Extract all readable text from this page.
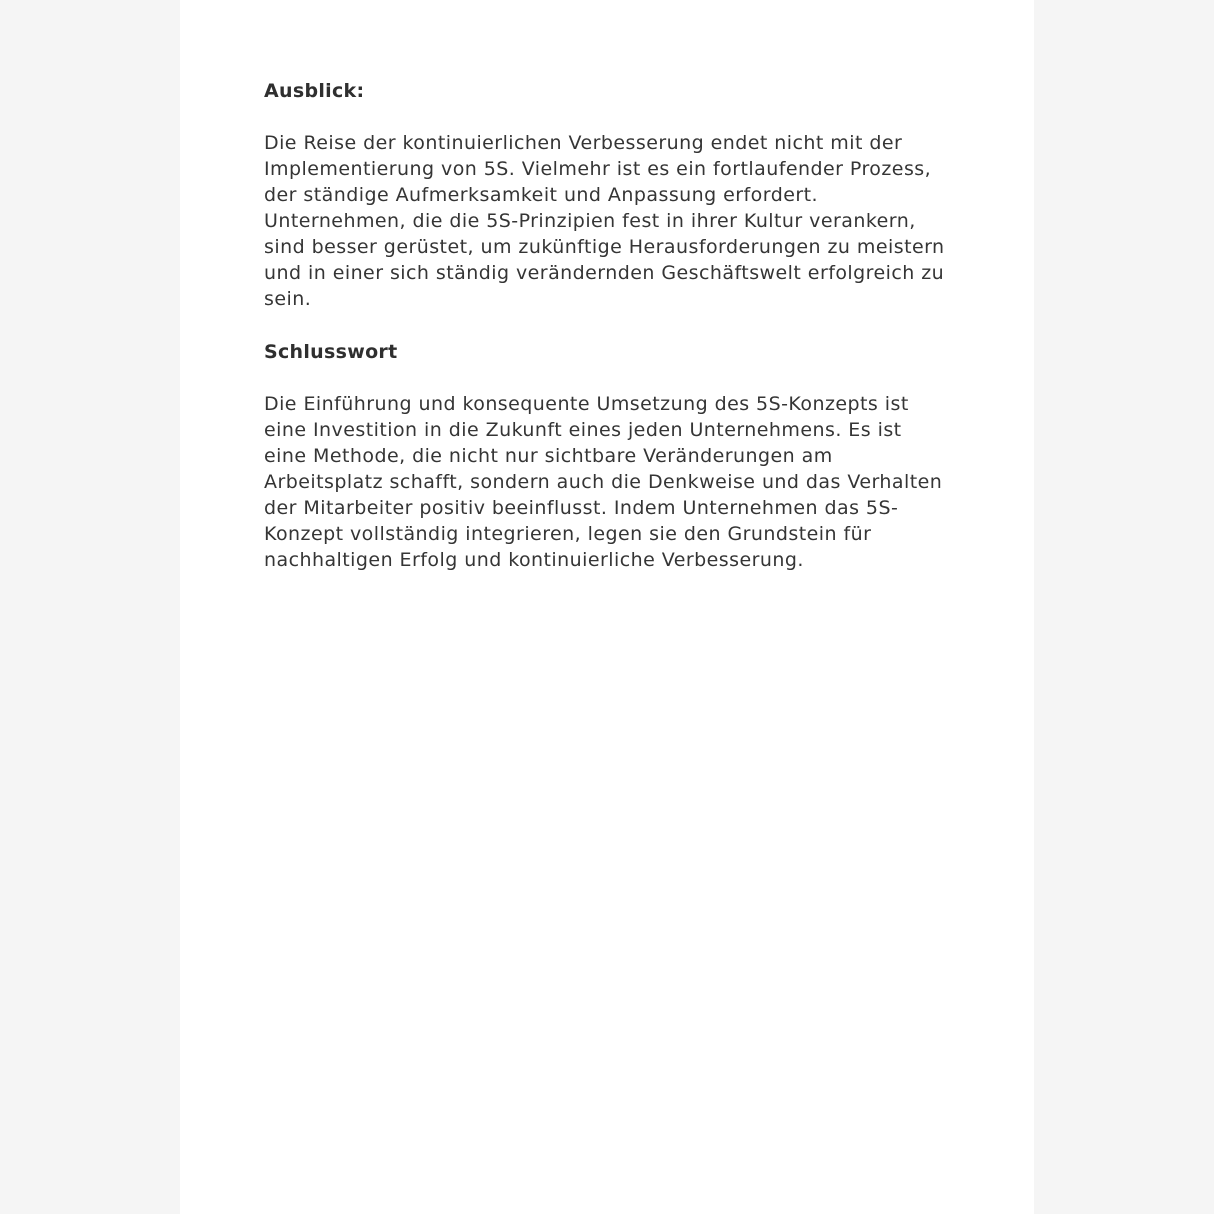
Ausblick:

Die Reise der kontinuierlichen Verbesserung endet nicht mit der Implementierung von 5S. Vielmehr ist es ein fortlaufender Prozess, der ständige Aufmerksamkeit und Anpassung erfordert. Unternehmen, die die 5S-Prinzipien fest in ihrer Kultur verankern, sind besser gerüstet, um zukünftige Herausforderungen zu meistern und in einer sich ständig verändernden Geschäftswelt erfolgreich zu sein.

Schlusswort

Die Einführung und konsequente Umsetzung des 5S-Konzepts ist eine Investition in die Zukunft eines jeden Unternehmens. Es ist eine Methode, die nicht nur sichtbare Veränderungen am Arbeitsplatz schafft, sondern auch die Denkweise und das Verhalten der Mitarbeiter positiv beeinflusst. Indem Unternehmen das 5S-Konzept vollständig integrieren, legen sie den Grundstein für nachhaltigen Erfolg und kontinuierliche Verbesserung.
